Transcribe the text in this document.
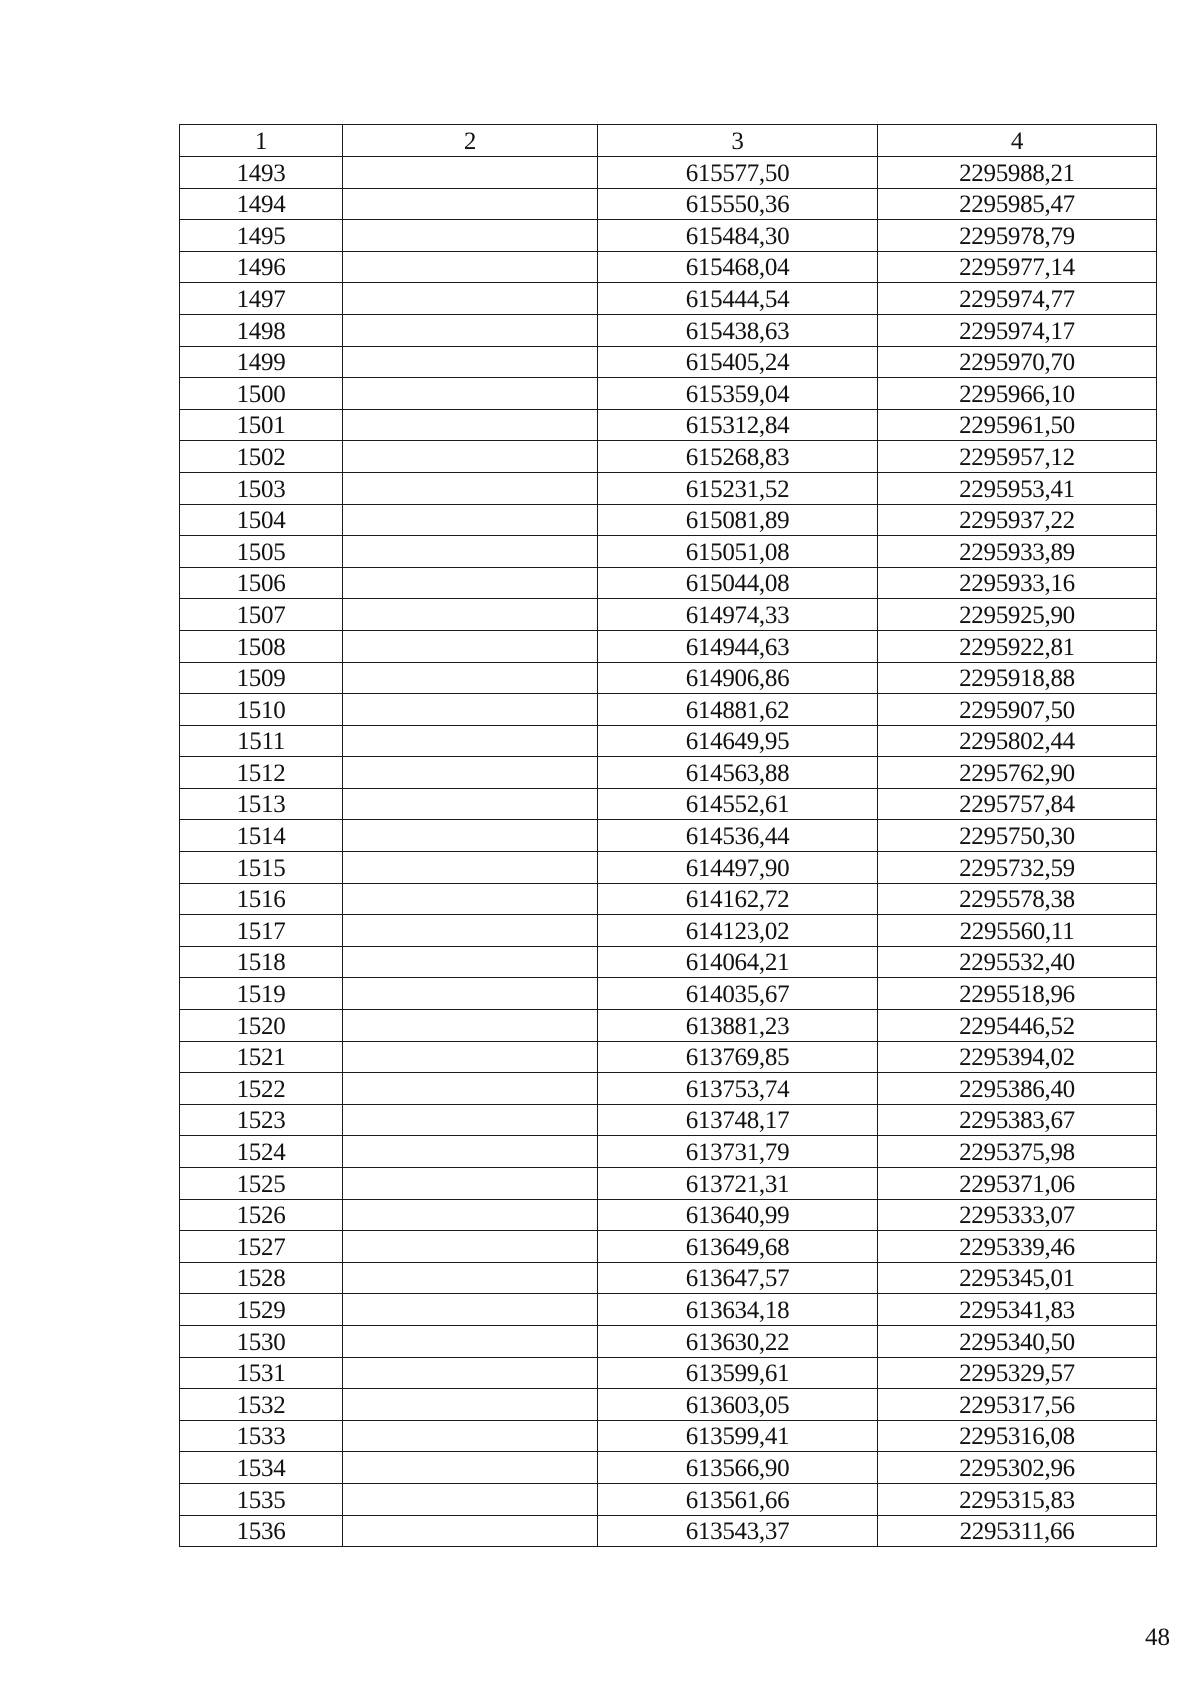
1	2	3	4
1493		615577,50	2295988,21
1494		615550,36	2295985,47
1495		615484,30	2295978,79
1496		615468,04	2295977,14
1497		615444,54	2295974,77
1498		615438,63	2295974,17
1499		615405,24	2295970,70
1500		615359,04	2295966,10
1501		615312,84	2295961,50
1502		615268,83	2295957,12
1503		615231,52	2295953,41
1504		615081,89	2295937,22
1505		615051,08	2295933,89
1506		615044,08	2295933,16
1507		614974,33	2295925,90
1508		614944,63	2295922,81
1509		614906,86	2295918,88
1510		614881,62	2295907,50
1511		614649,95	2295802,44
1512		614563,88	2295762,90
1513		614552,61	2295757,84
1514		614536,44	2295750,30
1515		614497,90	2295732,59
1516		614162,72	2295578,38
1517		614123,02	2295560,11
1518		614064,21	2295532,40
1519		614035,67	2295518,96
1520		613881,23	2295446,52
1521		613769,85	2295394,02
1522		613753,74	2295386,40
1523		613748,17	2295383,67
1524		613731,79	2295375,98
1525		613721,31	2295371,06
1526		613640,99	2295333,07
1527		613649,68	2295339,46
1528		613647,57	2295345,01
1529		613634,18	2295341,83
1530		613630,22	2295340,50
1531		613599,61	2295329,57
1532		613603,05	2295317,56
1533		613599,41	2295316,08
1534		613566,90	2295302,96
1535		613561,66	2295315,83
1536		613543,37	2295311,66
48
